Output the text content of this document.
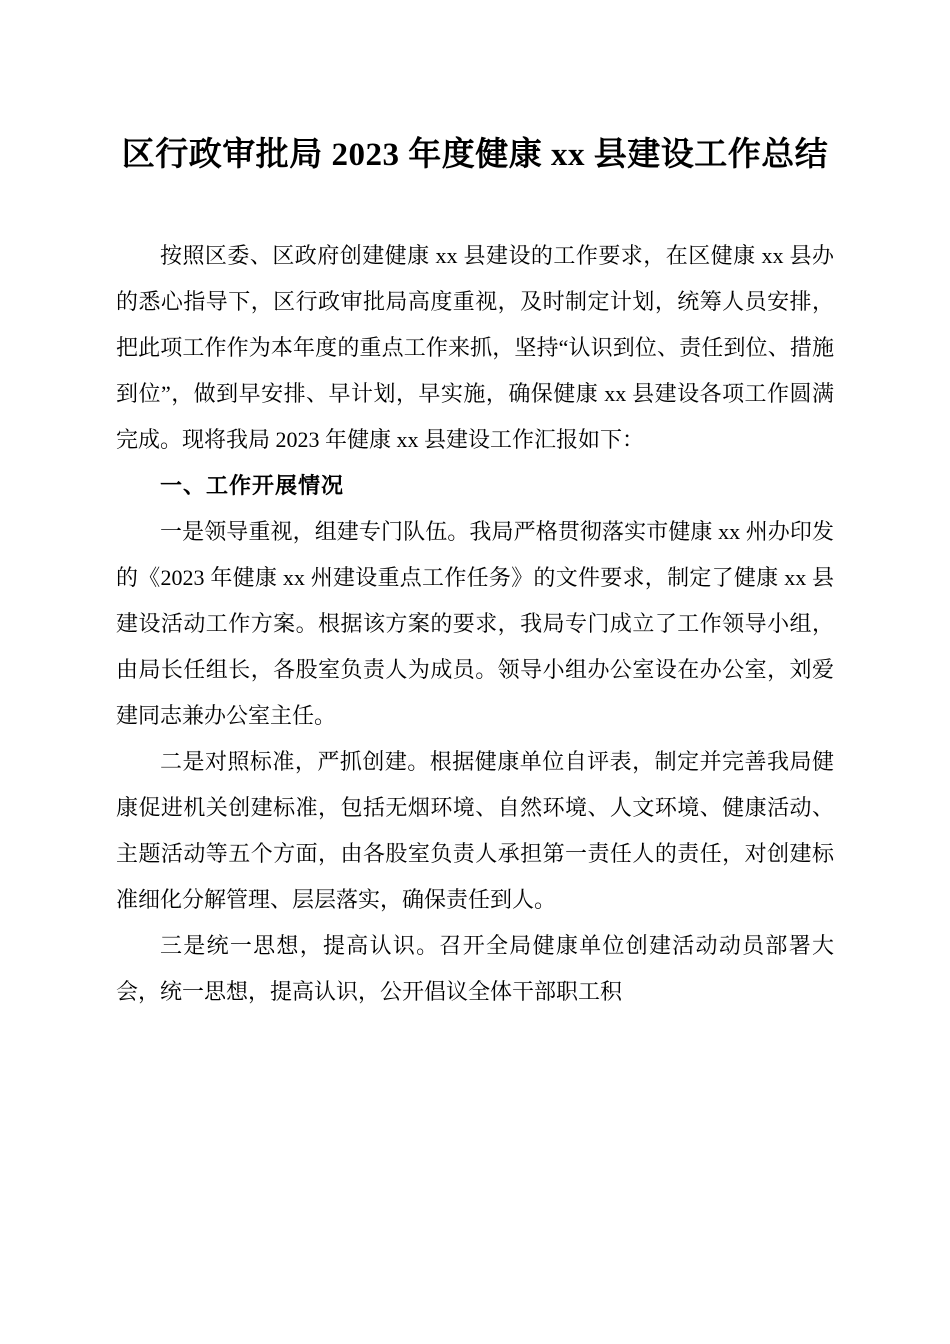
区行政审批局 2023 年度健康 xx 县建设工作总结

按照区委、区政府创建健康 xx 县建设的工作要求，在区健康 xx 县办的悉心指导下，区行政审批局高度重视，及时制定计划，统筹人员安排，把此项工作作为本年度的重点工作来抓，坚持“认识到位、责任到位、措施到位”，做到早安排、早计划，早实施，确保健康 xx 县建设各项工作圆满完成。现将我局 2023 年健康 xx 县建设工作汇报如下：

一、工作开展情况

一是领导重视，组建专门队伍。我局严格贯彻落实市健康 xx 州办印发的《2023 年健康 xx 州建设重点工作任务》的文件要求，制定了健康 xx 县建设活动工作方案。根据该方案的要求，我局专门成立了工作领导小组，由局长任组长，各股室负责人为成员。领导小组办公室设在办公室，刘爱建同志兼办公室主任。

二是对照标准，严抓创建。根据健康单位自评表，制定并完善我局健康促进机关创建标准，包括无烟环境、自然环境、人文环境、健康活动、主题活动等五个方面，由各股室负责人承担第一责任人的责任，对创建标准细化分解管理、层层落实，确保责任到人。

三是统一思想，提高认识。召开全局健康单位创建活动动员部署大会，统一思想，提高认识，公开倡议全体干部职工积
